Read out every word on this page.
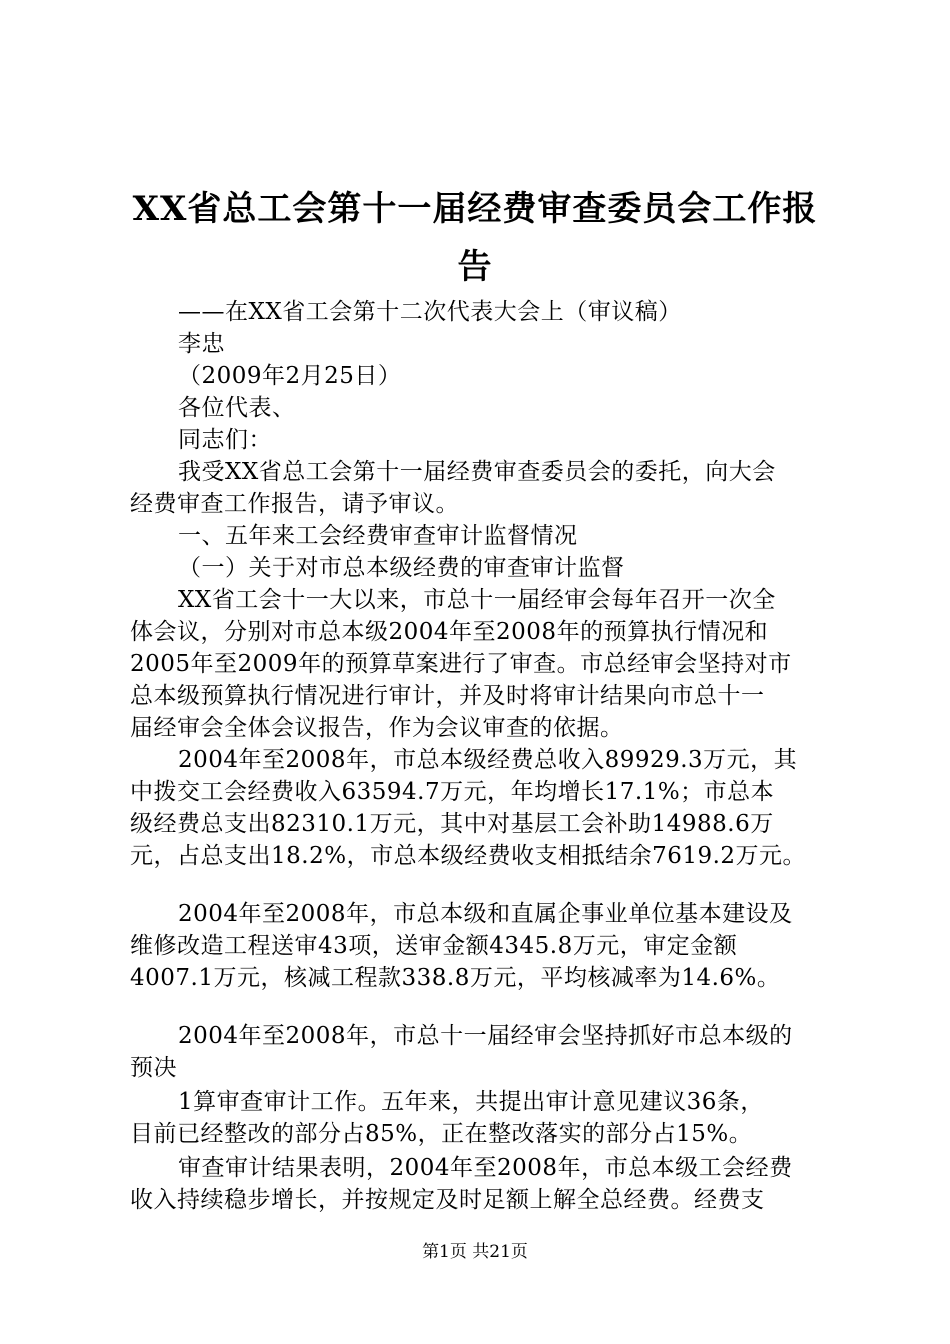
XX省总工会第十一届经费审查委员会工作报
告

——在XX省工会第十二次代表大会上（审议稿）

李忠

（2009年2月25日）

各位代表、

同志们：

我受XX省总工会第十一届经费审查委员会的委托，向大会

经费审查工作报告，请予审议。

一、五年来工会经费审查审计监督情况

（一）关于对市总本级经费的审查审计监督

XX省工会十一大以来，市总十一届经审会每年召开一次全

体会议，分别对市总本级2004年至2008年的预算执行情况和

2005年至2009年的预算草案进行了审查。市总经审会坚持对市

总本级预算执行情况进行审计，并及时将审计结果向市总十一

届经审会全体会议报告，作为会议审查的依据。

2004年至2008年，市总本级经费总收入89929.3万元，其

中拨交工会经费收入63594.7万元，年均增长17.1%；市总本

级经费总支出82310.1万元，其中对基层工会补助14988.6万

元，占总支出18.2%，市总本级经费收支相抵结余7619.2万元。

2004年至2008年，市总本级和直属企事业单位基本建设及

维修改造工程送审43项，送审金额4345.8万元，审定金额

4007.1万元，核减工程款338.8万元，平均核减率为14.6%。

2004年至2008年，市总十一届经审会坚持抓好市总本级的

预决

1算审查审计工作。五年来，共提出审计意见建议36条，

目前已经整改的部分占85%，正在整改落实的部分占15%。

审查审计结果表明，2004年至2008年，市总本级工会经费

收入持续稳步增长，并按规定及时足额上解全总经费。经费支

第1页 共21页
